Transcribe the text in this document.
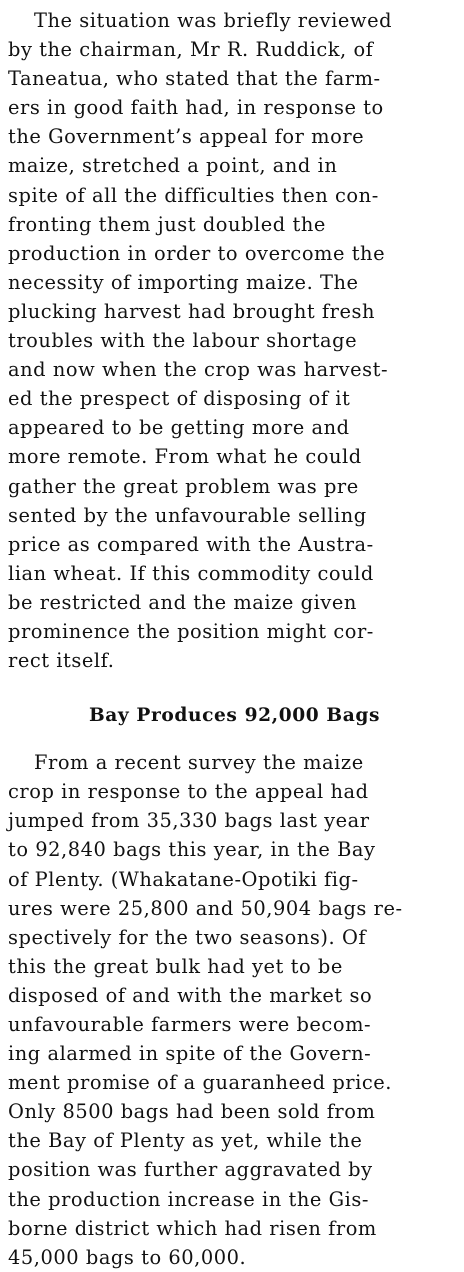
The situation was briefly reviewed
by the chairman, Mr R. Ruddick, of
Taneatua, who stated that the farm-
ers in good faith had, in response to
the Government’s appeal for more
maize, stretched a point, and in
spite of all the difficulties then con-
fronting them just doubled the
production in order to overcome the
necessity of importing maize. The
plucking harvest had brought fresh
troubles with the labour shortage
and now when the crop was harvest-
ed the prespect of disposing of it
appeared to be getting more and
more remote. From what he could
gather the great problem was pre
sented by the unfavourable selling
price as compared with the Austra-
lian wheat. If this commodity could
be restricted and the maize given
prominence the position might cor-
rect itself.
Bay Produces 92,000 Bags
From a recent survey the maize
crop in response to the appeal had
jumped from 35,330 bags last year
to 92,840 bags this year, in the Bay
of Plenty. (Whakatane-Opotiki fig-
ures were 25,800 and 50,904 bags re-
spectively for the two seasons). Of
this the great bulk had yet to be
disposed of and with the market so
unfavourable farmers were becom-
ing alarmed in spite of the Govern-
ment promise of a guaranheed price.
Only 8500 bags had been sold from
the Bay of Plenty as yet, while the
position was further aggravated by
the production increase in the Gis-
borne district which had risen from
45,000 bags to 60,000.
